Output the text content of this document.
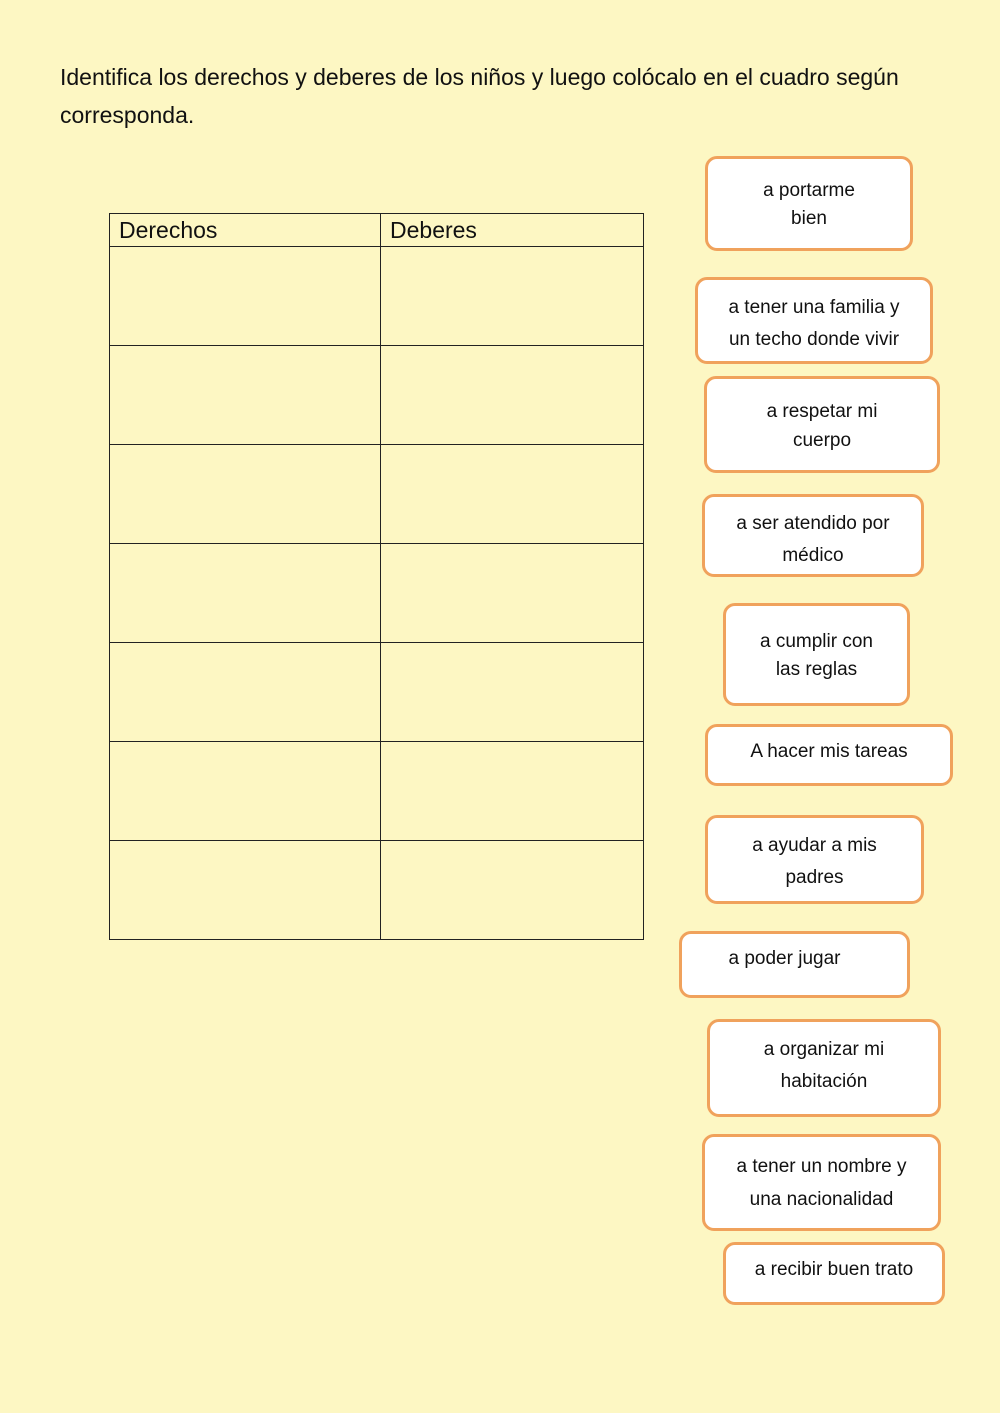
Identifica los derechos y deberes de los niños y luego colócalo en el cuadro según corresponda.

Derechos	Deberes

a portarme
bien
a tener una familia y
un techo donde vivir
a respetar mi
cuerpo
a ser atendido por
médico
a cumplir con
las reglas
A hacer mis tareas
a ayudar a mis
padres
a poder jugar
a organizar mi
habitación
a tener un nombre y
una nacionalidad
a recibir buen trato
